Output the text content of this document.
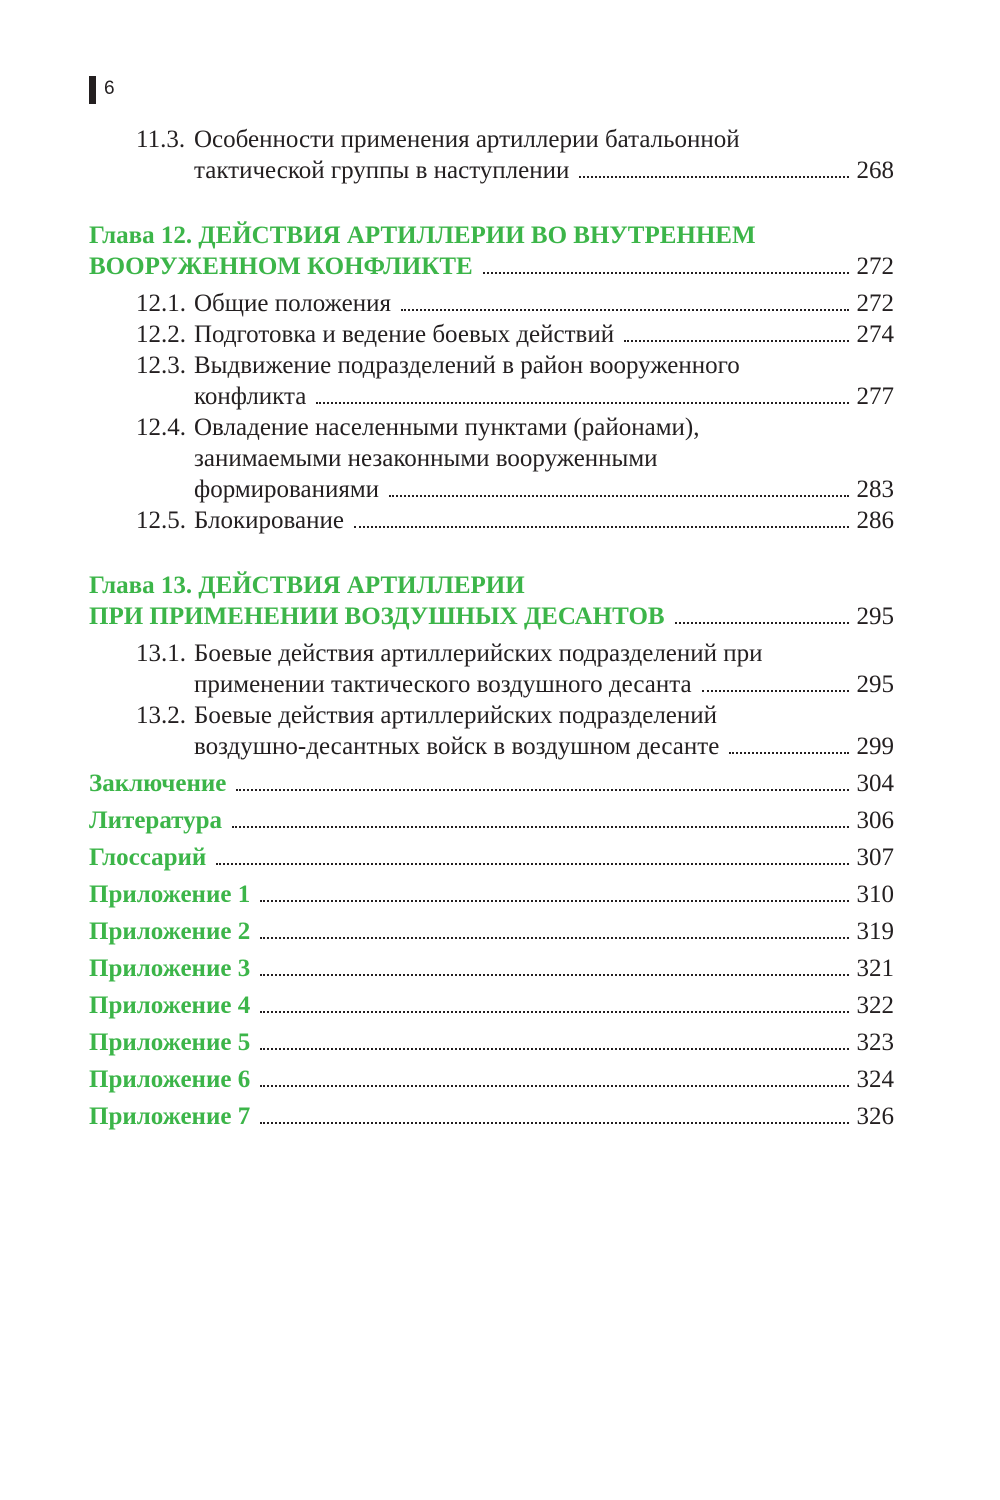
6
11.3. Особенности применения артиллерии батальонной
тактической группы в наступлении	268
Глава 12. ДЕЙСТВИЯ АРТИЛЛЕРИИ ВО ВНУТРЕННЕМ
ВООРУЖЕННОМ КОНФЛИКТЕ	272
12.1. Общие положения	272
12.2. Подготовка и ведение боевых действий	274
12.3. Выдвижение подразделений в район вооруженного
конфликта	277
12.4. Овладение населенными пунктами (районами),
занимаемыми незаконными вооруженными
формированиями	283
12.5. Блокирование	286
Глава 13. ДЕЙСТВИЯ АРТИЛЛЕРИИ
ПРИ ПРИМЕНЕНИИ ВОЗДУШНЫХ ДЕСАНТОВ	295
13.1. Боевые действия артиллерийских подразделений при
применении тактического воздушного десанта	295
13.2. Боевые действия артиллерийских подразделений
воздушно-десантных войск в воздушном десанте	299
Заключение	304
Литература	306
Глоссарий	307
Приложение 1	310
Приложение 2	319
Приложение 3	321
Приложение 4	322
Приложение 5	323
Приложение 6	324
Приложение 7	326
